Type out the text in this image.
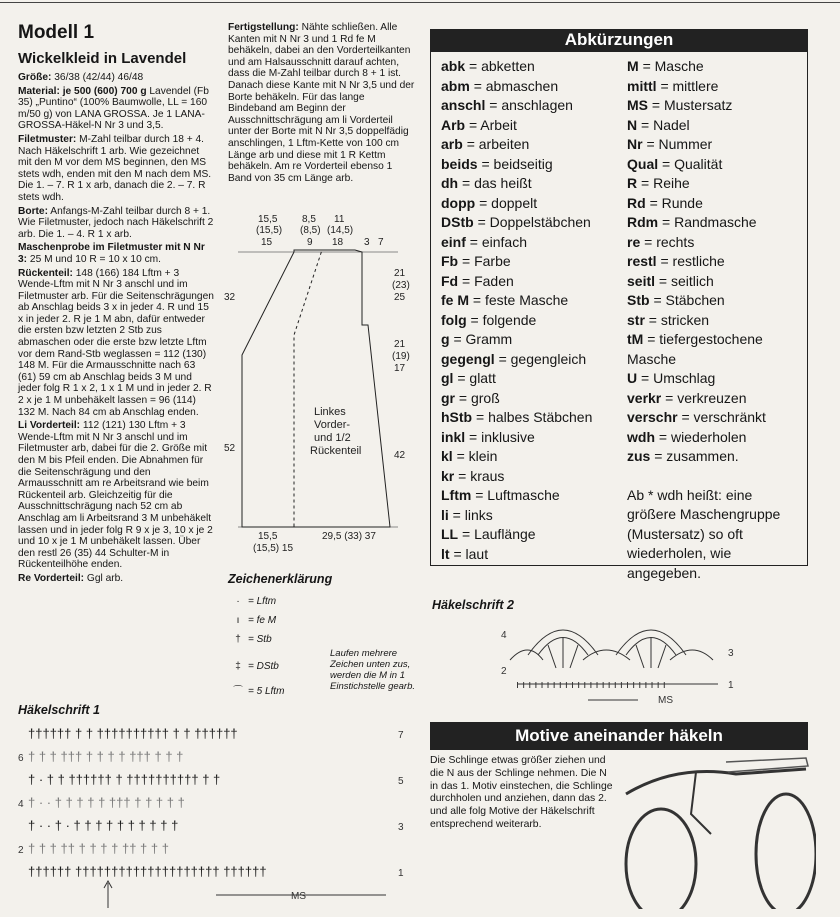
Modell 1
Wickelkleid in Lavendel

Größe: 36/38 (42/44) 46/48

Material: je 500 (600) 700 g Lavendel (Fb 35) „Puntino“ (100% Baumwolle, LL = 160 m/50 g) von LANA GROSSA. Je 1 LANA-GROSSA-Häkel-N Nr 3 und 3,5.

Filetmuster: M-Zahl teilbar durch 18 + 4. Nach Häkelschrift 1 arb. Wie gezeichnet mit den M vor dem MS beginnen, den MS stets wdh, enden mit den M nach dem MS. Die 1. – 7. R 1 x arb, danach die 2. – 7. R stets wdh.

Borte: Anfangs-M-Zahl teilbar durch 8 + 1. Wie Filetmuster, jedoch nach Häkelschrift 2 arb. Die 1. – 4. R 1 x arb.

Maschenprobe im Filetmuster mit N Nr 3: 25 M und 10 R = 10 x 10 cm.

Rückenteil: 148 (166) 184 Lftm + 3 Wende-Lftm mit N Nr 3 anschl und im Filetmuster arb. Für die Seitenschrägungen ab Anschlag beids 3 x in jeder 4. R und 15 x in jeder 2. R je 1 M abn, dafür entweder die ersten bzw letzten 2 Stb zus abmaschen oder die erste bzw letzte Lftm vor dem Rand-Stb weglassen = 112 (130) 148 M. Für die Armausschnitte nach 63 (61) 59 cm ab Anschlag beids 3 M und jeder folg R 1 x 2, 1 x 1 M und in jeder 2. R 2 x je 1 M unbehäkelt lassen = 96 (114) 132 M. Nach 84 cm ab Anschlag enden.

Li Vorderteil: 112 (121) 130 Lftm + 3 Wende-Lftm mit N Nr 3 anschl und im Filetmuster arb, dabei für die 2. Größe mit den M bis Pfeil enden. Die Abnahmen für die Seitenschrägung und den Armausschnitt am re Arbeitsrand wie beim Rückenteil arb. Gleichzeitig für die Ausschnittschrägung nach 52 cm ab Anschlag am li Arbeitsrand 3 M unbehäkelt lassen und in jeder folg R 9 x je 3, 10 x je 2 und 10 x je 1 M unbehäkelt lassen. Über den restl 26 (35) 44 Schulter-M in Rückenteilhöhe enden.

Re Vorderteil: Ggl arb.

Fertigstellung: Nähte schließen. Alle Kanten mit N Nr 3 und 1 Rd fe M behäkeln, dabei an den Vorderteilkanten und am Halsausschnitt darauf achten, dass die M-Zahl teilbar durch 8 + 1 ist. Danach diese Kante mit N Nr 3,5 und der Borte behäkeln. Für das lange Bindeband am Beginn der Ausschnittschrägung am li Vorderteil unter der Borte mit N Nr 3,5 doppelfädig anschlingen, 1 Lftm-Kette von 100 cm Länge arb und diese mit 1 R Kettm behäkeln. Am re Vorderteil ebenso 1 Band von 35 cm Länge arb.

15,5
(15,5)
15
8,5
(8,5)
9
11
(14,5)
18 3 7
32
52
21
(23)
25
21
(19)
17
42
15,5
(15,5) 15
29,5 (33) 37
Linkes
Vorder-
und 1/2
Rückenteil
Zeichenerklärung
· = Lftm
ı = fe M
† = Stb
‡ = DStb
⌒ = 5 Lftm
Laufen mehrere Zeichen unten zus, werden die M in 1 Einstichstelle gearb.
Abkürzungen
abk = abketten
abm = abmaschen
anschl = anschlagen
Arb = Arbeit
arb = arbeiten
beids = beidseitig
dh = das heißt
dopp = doppelt
DStb = Doppelstäbchen
einf = einfach
Fb = Farbe
Fd = Faden
fe M = feste Masche
folg = folgende
g = Gramm
gegengl = gegengleich
gl = glatt
gr = groß
hStb = halbes Stäbchen
inkl = inklusive
kl = klein
kr = kraus
Lftm = Luftmasche
li = links
LL = Lauflänge
lt = laut
M = Masche
mittl = mittlere
MS = Mustersatz
N = Nadel
Nr = Nummer
Qual = Qualität
R = Reihe
Rd = Runde
Rdm = Randmasche
re = rechts
restl = restliche
seitl = seitlich
Stb = Stäbchen
str = stricken
tM = tiefergestochene
Masche
U = Umschlag
verkr = verkreuzen
verschr = verschränkt
wdh = wiederholen
zus = zusammen.
Ab * wdh heißt: eine größere Maschengruppe (Mustersatz) so oft wiederholen, wie angegeben.
Häkelschrift 2
4
3
2
1
MS
ı ı ı ı ı ı ı ı ı ı ı ı ı ı ı ı ı ı ı ı ı ı ı ı ı
Motive aneinander häkeln
Die Schlinge etwas größer ziehen und die N aus der Schlinge nehmen. Die N in das 1. Motiv einstechen, die Schlinge durchholen und anziehen, dann das 2. und alle folg Motive der Häkelschrift entsprechend weiterarb.
Häkelschrift 1
†††††† † † †††††††††† † † ††††††
† † † ††† † † † † ††† † † †
† · † † †††††† † †††††††††† † †
† · · † † † † † ††† † † † † †
† · · † · † † † † † † † † † †
† † † †† † † † † †† † † †
†††††† †††††††††††††††††††† ††††††
7
6
5
4
3
2
1
MS
